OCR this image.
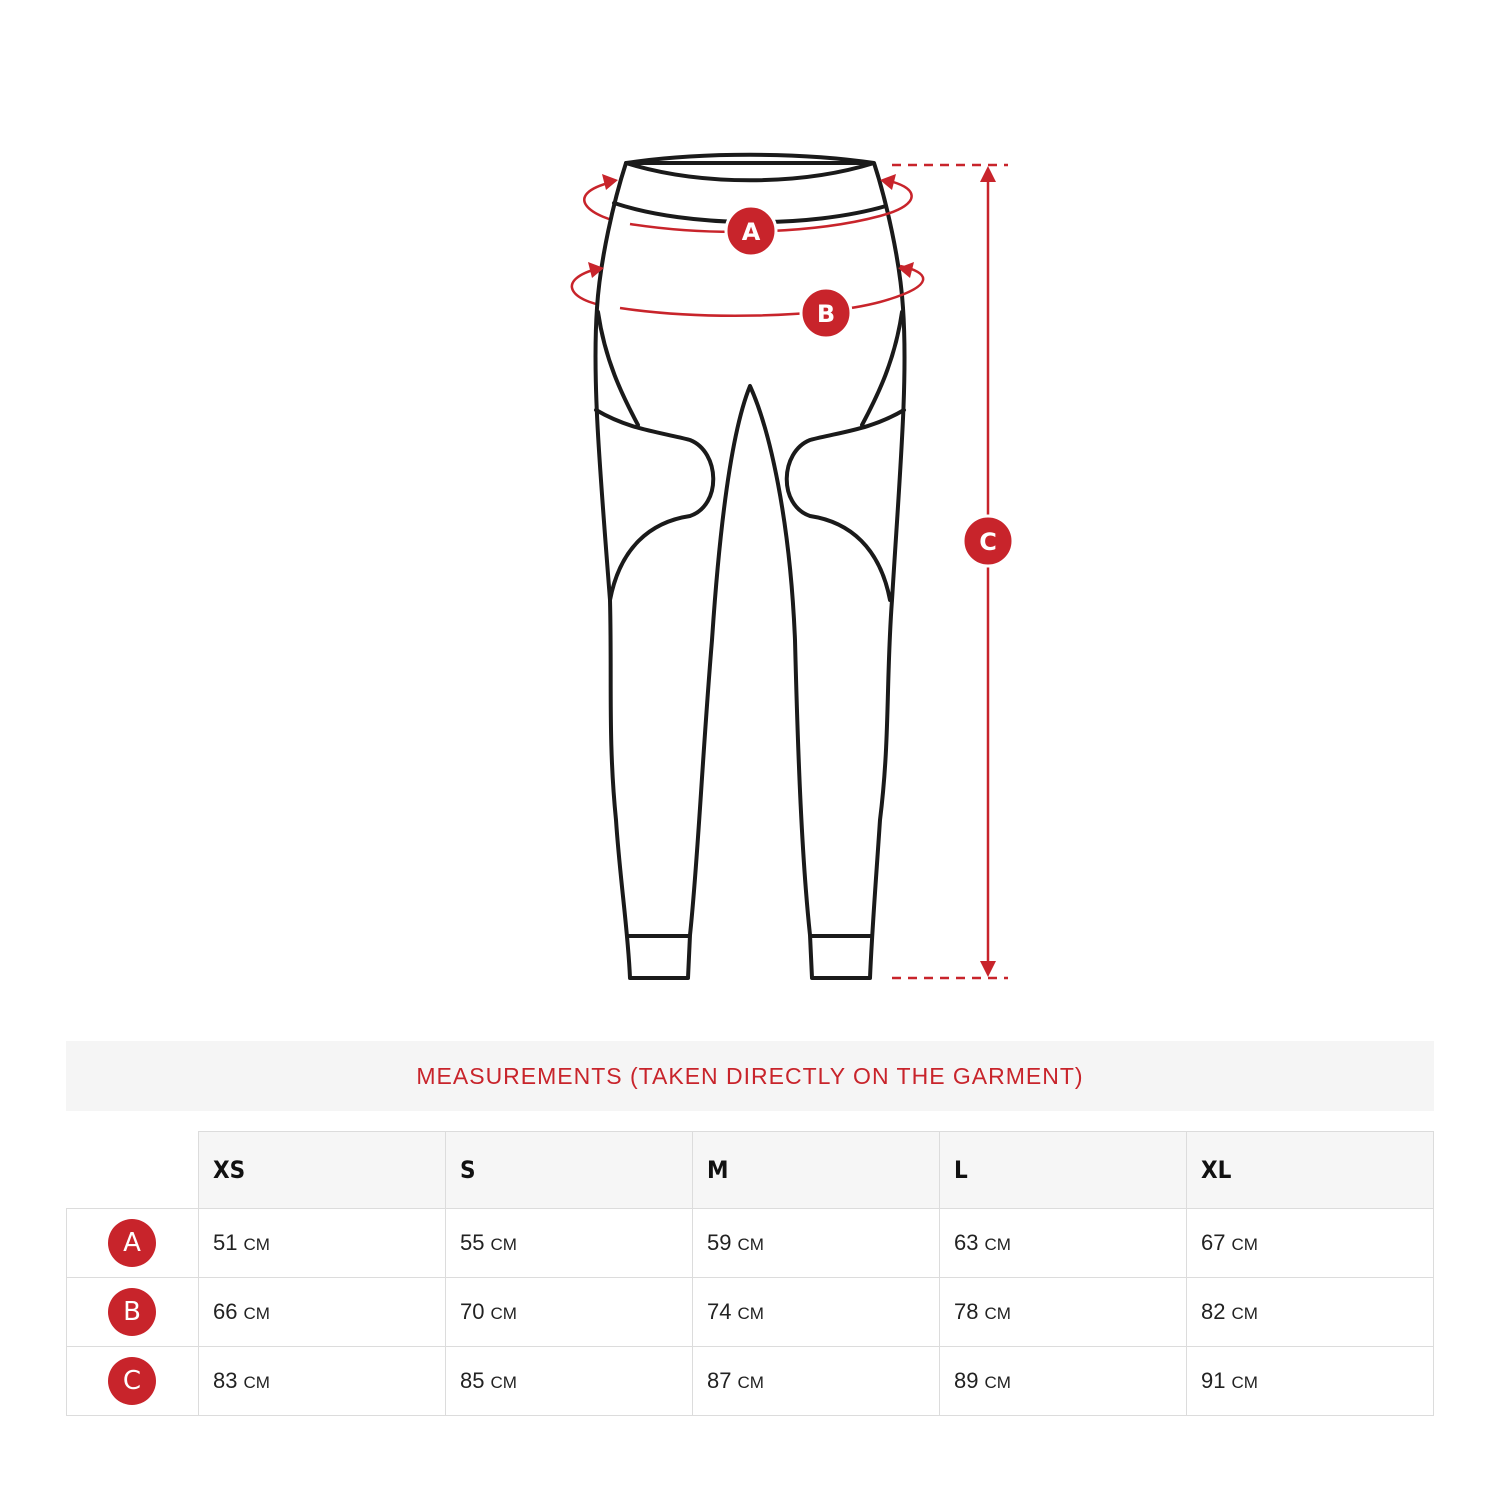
A
B
C
MEASUREMENTS (TAKEN DIRECTLY ON THE GARMENT)
	XS	S	M	L	XL
A	51 CM	55 CM	59 CM	63 CM	67 CM
B	66 CM	70 CM	74 CM	78 CM	82 CM
C	83 CM	85 CM	87 CM	89 CM	91 CM
